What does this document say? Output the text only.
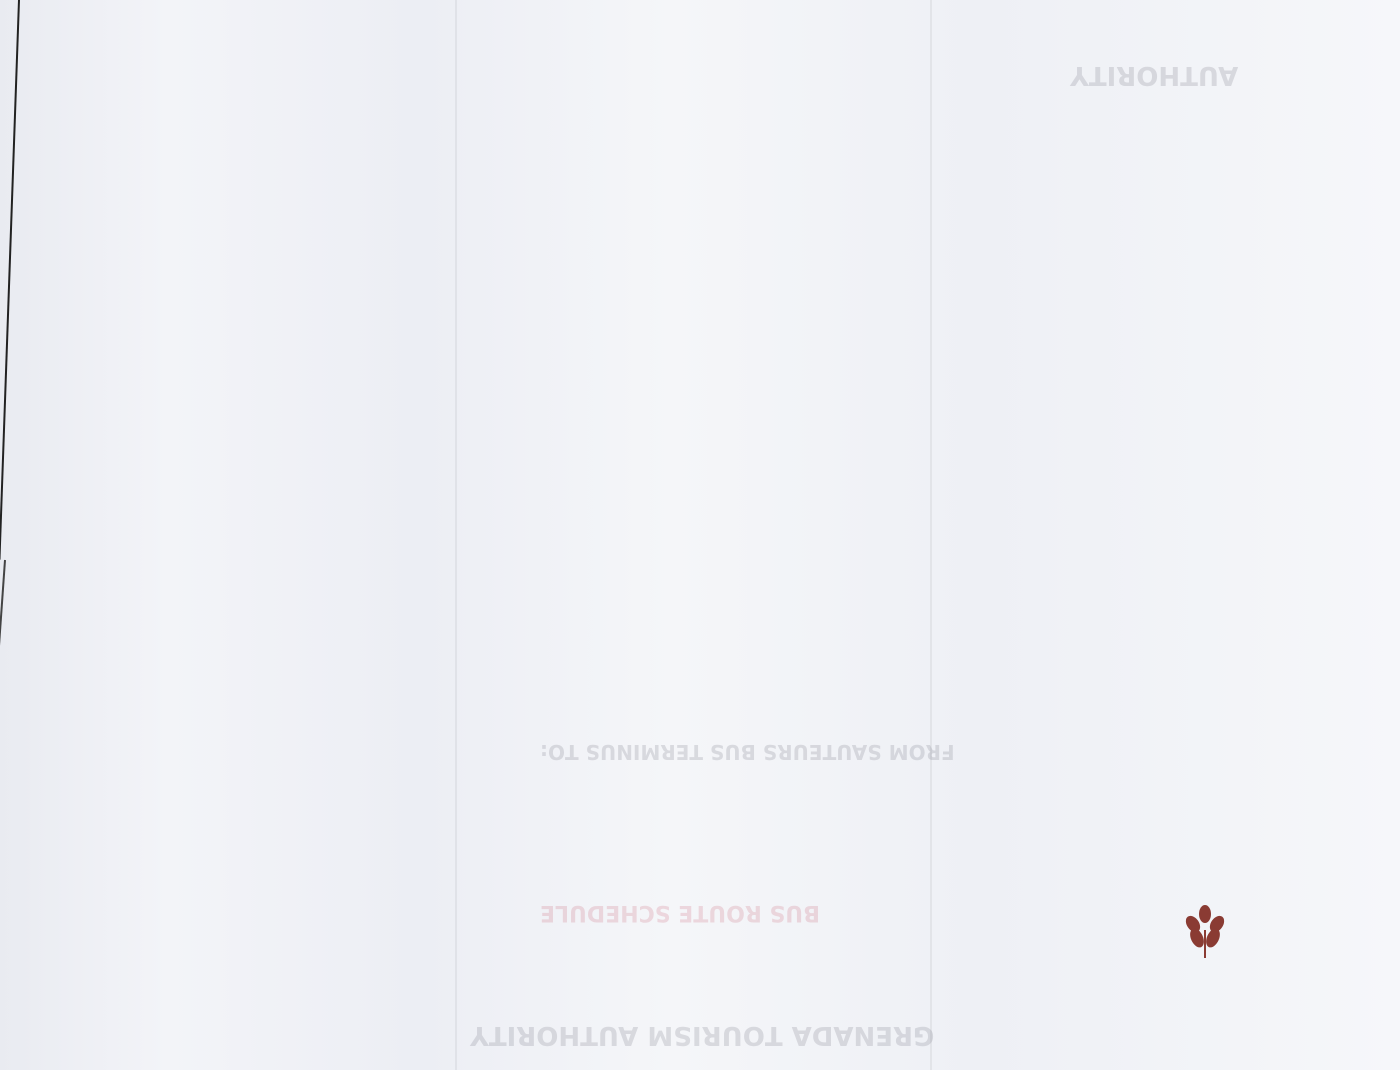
FROM SAUTEURS BUS TERMINUS TO:
GRENADA TOURISM AUTHORITY
BUS ROUTE SCHEDULE
AUTHORITY
